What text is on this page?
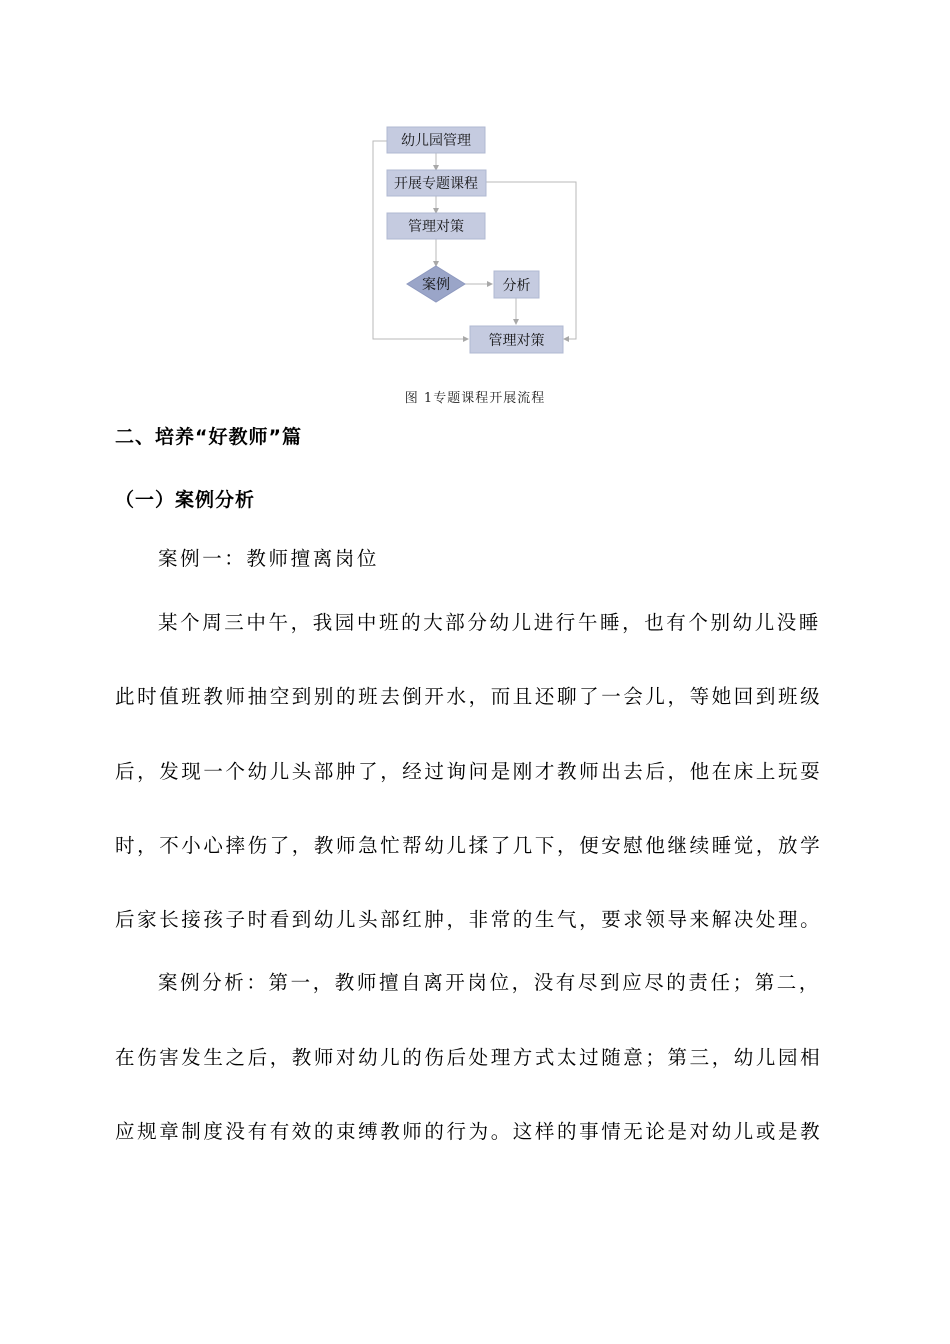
幼儿园管理
开展专题课程
管理对策
案例	分析
管理对策
图 1专题课程开展流程
二、培养“好教师”篇
（一）案例分析
案例一：教师擅离岗位
某个周三中午，我园中班的大部分幼儿进行午睡，也有个别幼儿没睡
此时值班教师抽空到别的班去倒开水，而且还聊了一会儿，等她回到班级
后，发现一个幼儿头部肿了，经过询问是刚才教师出去后，他在床上玩耍
时，不小心摔伤了，教师急忙帮幼儿揉了几下，便安慰他继续睡觉，放学
后家长接孩子时看到幼儿头部红肿，非常的生气，要求领导来解决处理。
案例分析：第一，教师擅自离开岗位，没有尽到应尽的责任；第二，
在伤害发生之后，教师对幼儿的伤后处理方式太过随意；第三，幼儿园相
应规章制度没有有效的束缚教师的行为。这样的事情无论是对幼儿或是教
